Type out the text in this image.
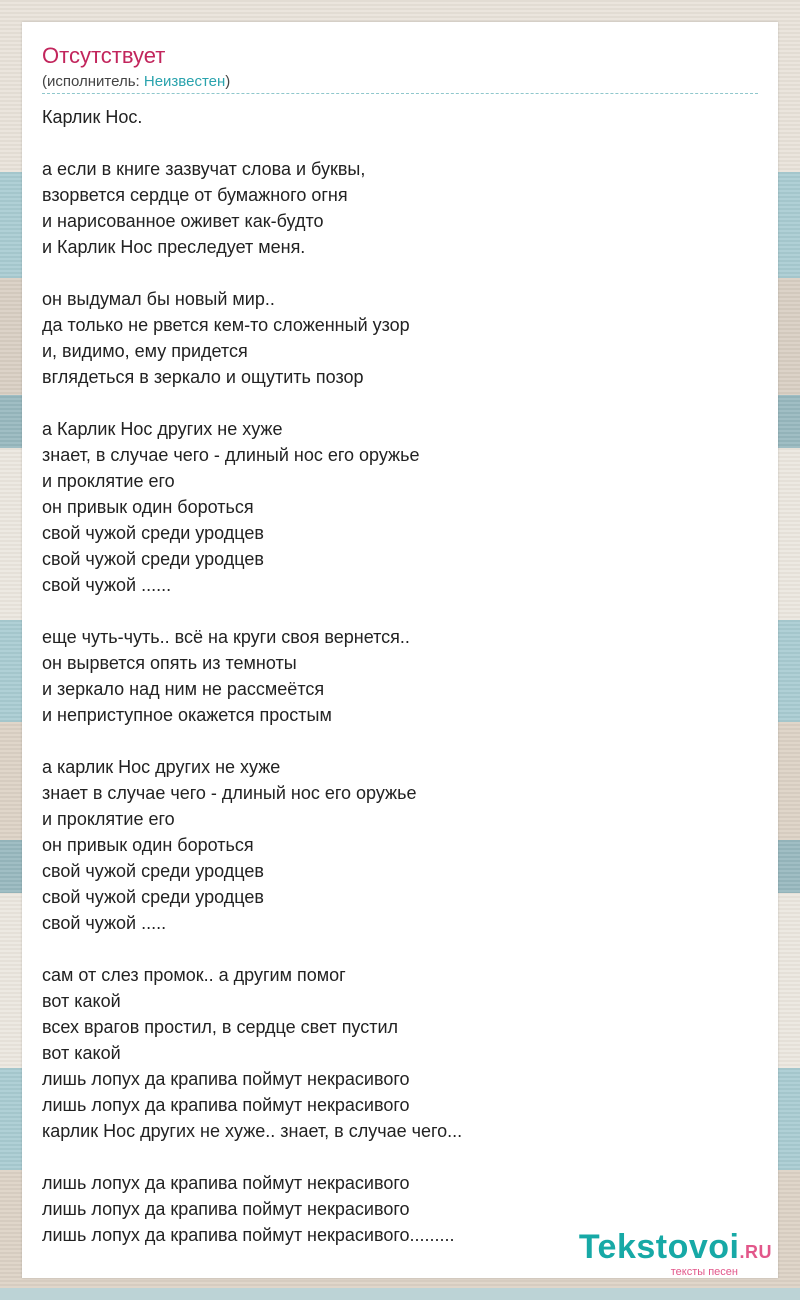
Отсутствует
(исполнитель: Неизвестен)
Карлик Нос.
а если в книге зазвучат слова и буквы,
взорвется сердце от бумажного огня
и нарисованное оживет как-будто
и Карлик Нос преследует меня.
он выдумал бы новый мир..
да только не рвется кем-то сложенный узор
и, видимо, ему придется
вглядеться в зеркало и ощутить позор
а Карлик Нос других не хуже
знает, в случае чего - длиный нос его оружье
и проклятие его
он привык один бороться
свой чужой среди уродцев
свой чужой среди уродцев
свой чужой ......
еще чуть-чуть.. всё на круги своя вернется..
он вырвется опять из темноты
и зеркало над ним не рассмеётся
и неприступное окажется простым
а карлик Нос других не хуже
знает в случае чего - длиный нос его оружье
и проклятие его
он привык один бороться
свой чужой среди уродцев
свой чужой среди уродцев
свой чужой .....
сам от слез промок.. а другим помог
вот какой
всех врагов простил, в сердце свет пустил
вот какой
лишь лопух да крапива поймут некрасивого
лишь лопух да крапива поймут некрасивого
карлик Нос других не хуже.. знает, в случае чего...
лишь лопух да крапива поймут некрасивого
лишь лопух да крапива поймут некрасивого
лишь лопух да крапива поймут некрасивого.........	Tekstovoi.RU
тексты песен
